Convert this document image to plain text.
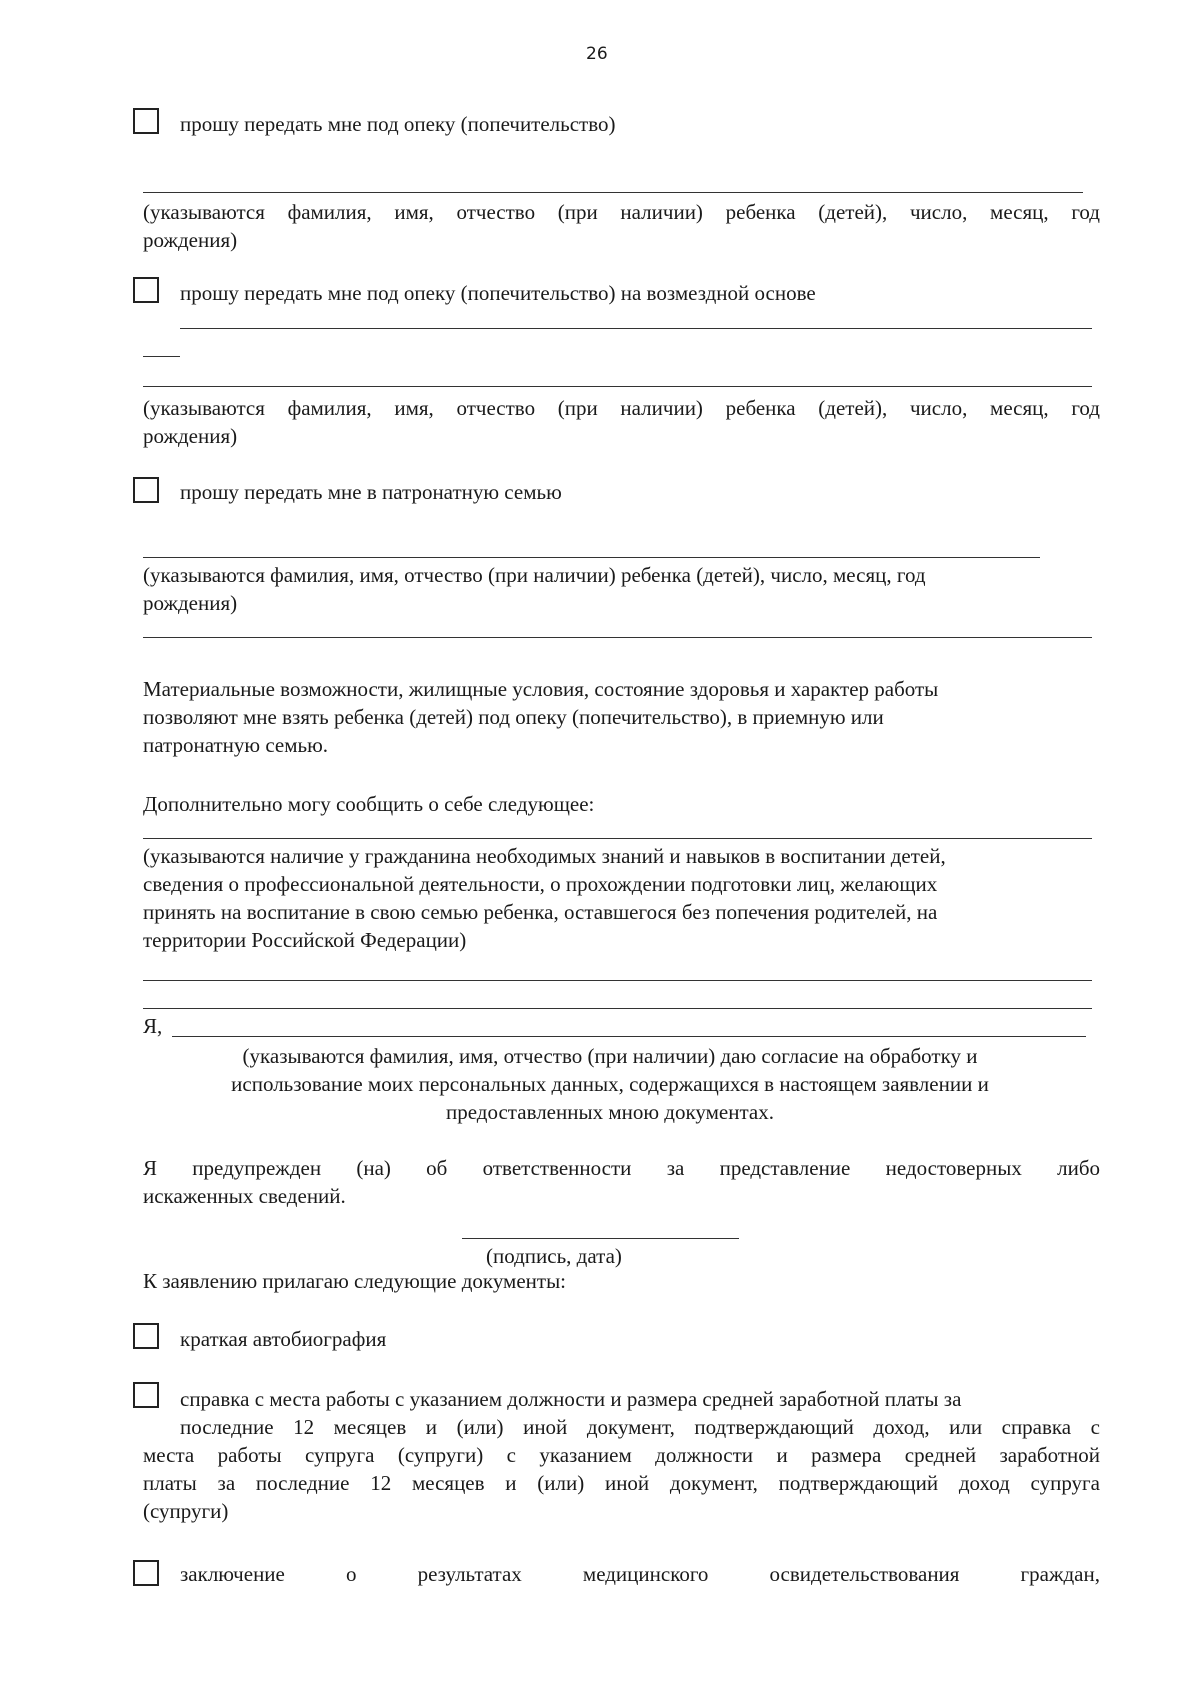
26
прошу передать мне под опеку (попечительство)
(указываются фамилия, имя, отчество (при наличии) ребенка (детей), число, месяц, год
рождения)
прошу передать мне под опеку (попечительство) на возмездной основе
(указываются фамилия, имя, отчество (при наличии) ребенка (детей), число, месяц, год
рождения)
прошу передать мне в патронатную семью
(указываются фамилия, имя, отчество (при наличии) ребенка (детей), число, месяц, год
рождения)
Материальные возможности, жилищные условия, состояние здоровья и характер работы
позволяют мне взять ребенка (детей) под опеку (попечительство), в приемную или
патронатную семью.
Дополнительно могу сообщить о себе следующее:
(указываются наличие у гражданина необходимых знаний и навыков в воспитании детей,
сведения о профессиональной деятельности, о прохождении подготовки лиц, желающих
принять на воспитание в свою семью ребенка, оставшегося без попечения родителей, на
территории Российской Федерации)
Я,
(указываются фамилия, имя, отчество (при наличии) даю согласие на обработку и
использование моих персональных данных, содержащихся в настоящем заявлении и
предоставленных мною документах.
Я предупрежден (на) об ответственности за представление недостоверных либо
искаженных сведений.
(подпись, дата)
К заявлению прилагаю следующие документы:
краткая автобиография
справка с места работы с указанием должности и размера средней заработной платы за
последние 12 месяцев и (или) иной документ, подтверждающий доход, или справка с
места работы супруга (супруги) с указанием должности и размера средней заработной
платы за последние 12 месяцев и (или) иной документ, подтверждающий доход супруга
(супруги)
заключение о результатах медицинского освидетельствования граждан,
